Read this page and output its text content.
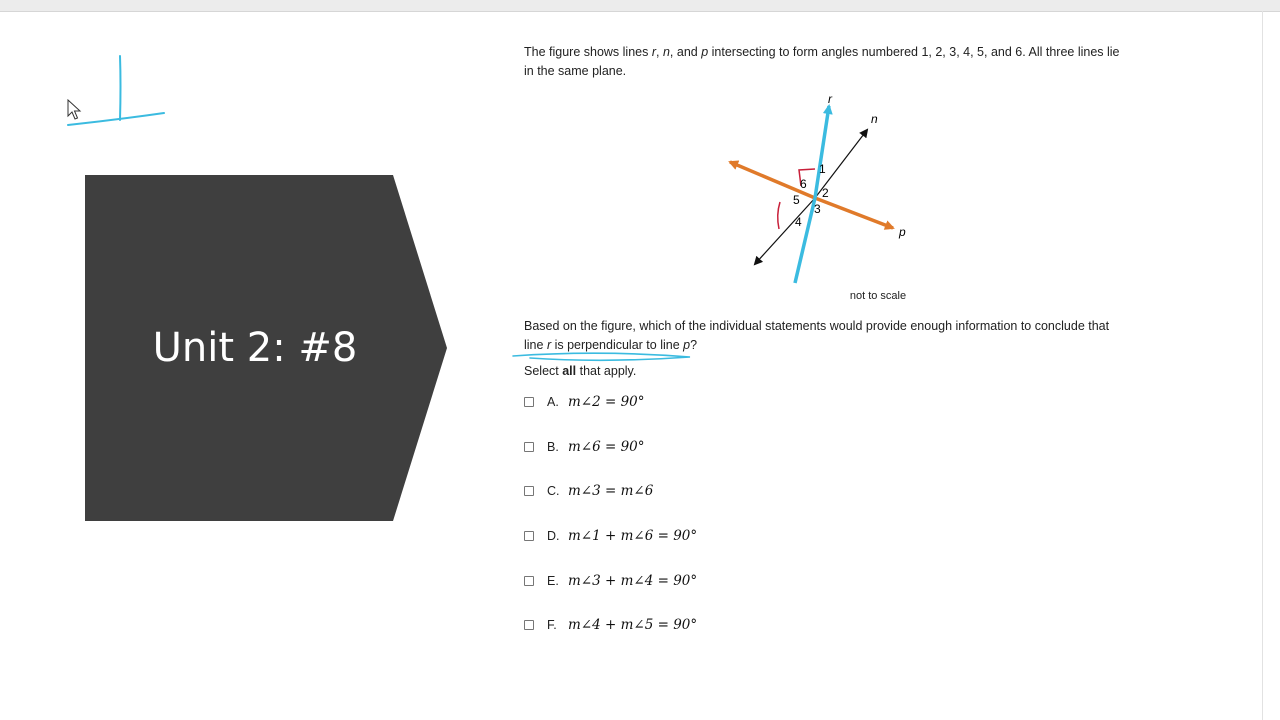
Unit 2: #8
The figure shows lines r, n, and p intersecting to form angles numbered 1, 2, 3, 4, 5, and 6. All three lines lie in the same plane.
r
n
p
1
2
3
4
5
6
not to scale
Based on the figure, which of the individual statements would provide enough information to conclude that line r is perpendicular to line p?
Select all that apply.
A. m∠2 = 90°
B. m∠6 = 90°
C. m∠3 = m∠6
D. m∠1 + m∠6 = 90°
E. m∠3 + m∠4 = 90°
F. m∠4 + m∠5 = 90°
